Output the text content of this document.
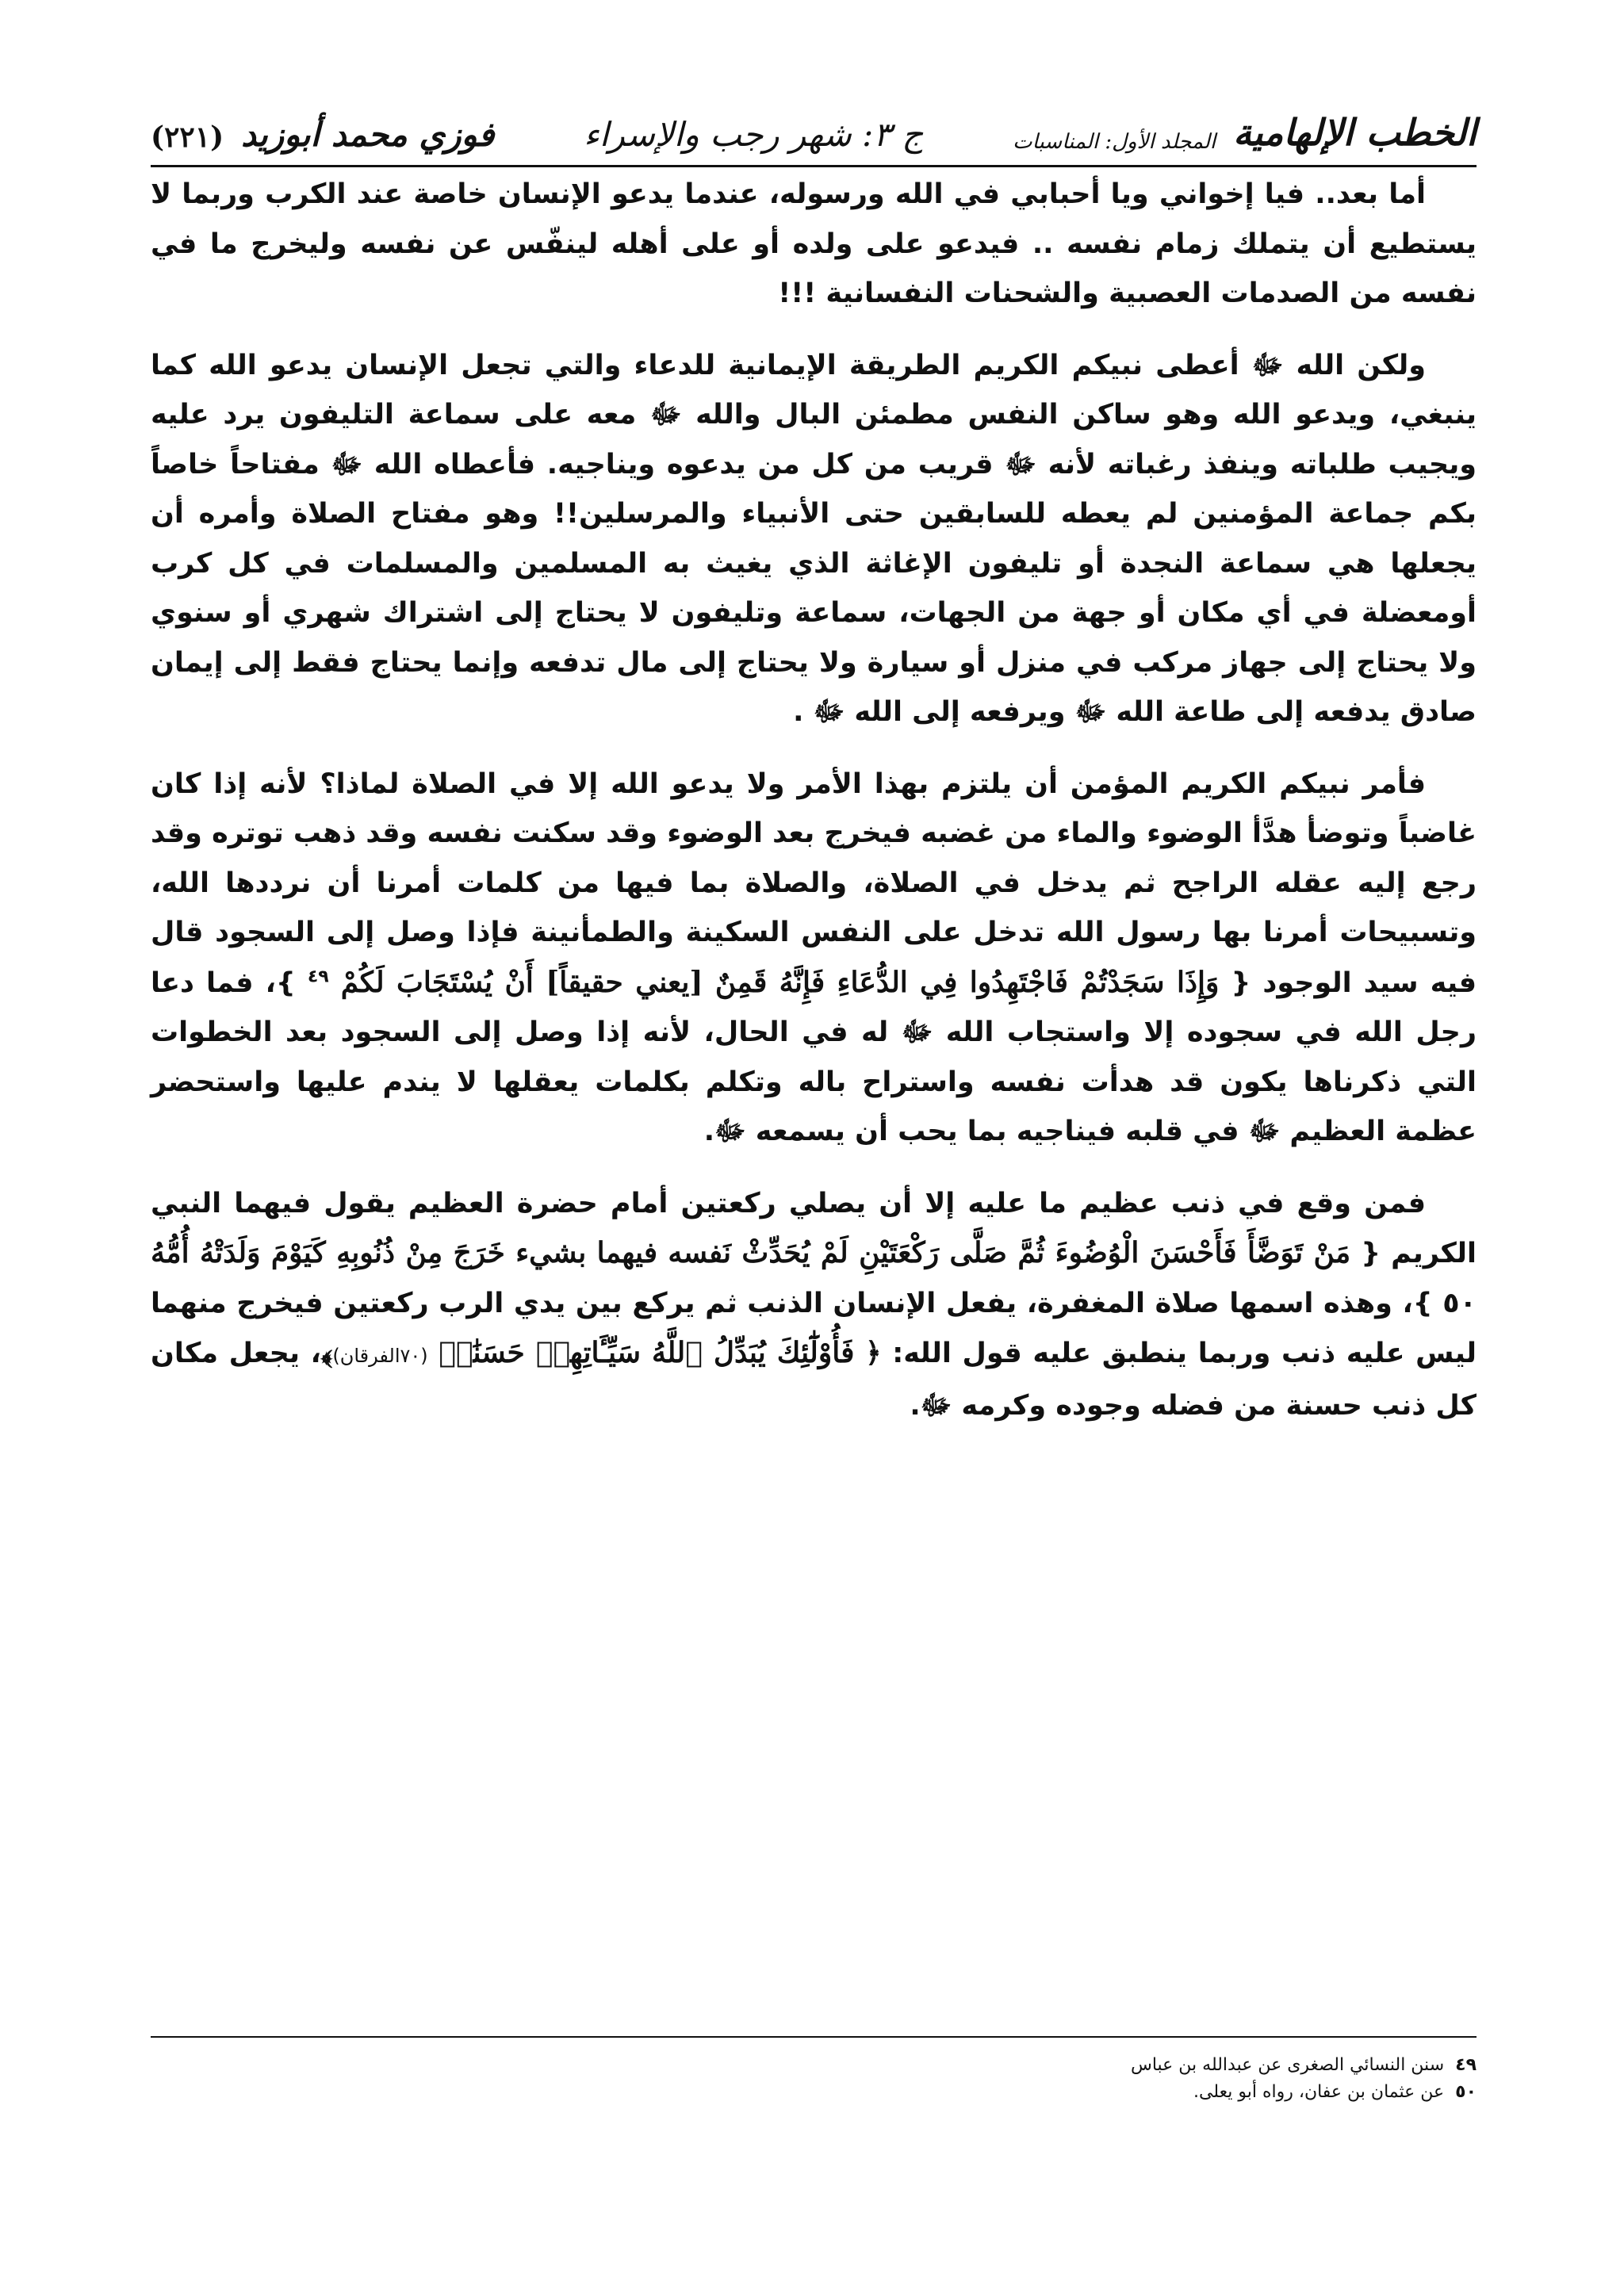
الخطب الإلهامية
المجلد الأول: المناسبات
ج ٣: شهر رجب والإسراء
فوزي محمد أبوزيد
(٢٢١)

أما بعد.. فيا إخواني ويا أحبابي في الله ورسوله، عندما يدعو الإنسان خاصة عند الكرب وربما لا يستطيع أن يتملك زمام نفسه .. فيدعو على ولده أو على أهله لينفّس عن نفسه وليخرج ما في نفسه من الصدمات العصبية والشحنات النفسانية !!!

ولكن الله ﷻ أعطى نبيكم الكريم الطريقة الإيمانية للدعاء والتي تجعل الإنسان يدعو الله كما ينبغي، ويدعو الله وهو ساكن النفس مطمئن البال والله ﷻ معه على سماعة التليفون يرد عليه ويجيب طلباته وينفذ رغباته لأنه ﷻ قريب من كل من يدعوه ويناجيه. فأعطاه الله ﷻ مفتاحاً خاصاً بكم جماعة المؤمنين لم يعطه للسابقين حتى الأنبياء والمرسلين!! وهو مفتاح الصلاة وأمره أن يجعلها هي سماعة النجدة أو تليفون الإغاثة الذي يغيث به المسلمين والمسلمات في كل كرب أومعضلة في أي مكان أو جهة من الجهات، سماعة وتليفون لا يحتاج إلى اشتراك شهري أو سنوي ولا يحتاج إلى جهاز مركب في منزل أو سيارة ولا يحتاج إلى مال تدفعه وإنما يحتاج فقط إلى إيمان صادق يدفعه إلى طاعة الله ﷻ ويرفعه إلى الله ﷻ .

فأمر نبيكم الكريم المؤمن أن يلتزم بهذا الأمر ولا يدعو الله إلا في الصلاة لماذا؟ لأنه إذا كان غاضباً وتوضأ هدَّأ الوضوء والماء من غضبه فيخرج بعد الوضوء وقد سكنت نفسه وقد ذهب توتره وقد رجع إليه عقله الراجح ثم يدخل في الصلاة، والصلاة بما فيها من كلمات أمرنا أن نرددها الله، وتسبيحات أمرنا بها رسول الله تدخل على النفس السكينة والطمأنينة فإذا وصل إلى السجود قال فيه سيد الوجود { وَإِذَا سَجَدْتُمْ فَاجْتَهِدُوا فِي الدُّعَاءِ فَإِنَّهُ قَمِنٌ [يعني حقيقاً] أَنْ يُسْتَجَابَ لَكُمْ $^{٤٩}$ }، فما دعا رجل الله في سجوده إلا واستجاب الله ﷻ له في الحال، لأنه إذا وصل إلى السجود بعد الخطوات التي ذكرناها يكون قد هدأت نفسه واستراح باله وتكلم بكلمات يعقلها لا يندم عليها واستحضر عظمة العظيم ﷻ في قلبه فيناجيه بما يحب أن يسمعه ﷻ.

فمن وقع في ذنب عظيم ما عليه إلا أن يصلي ركعتين أمام حضرة العظيم يقول فيهما النبي الكريم { مَنْ تَوَضَّأَ فَأَحْسَنَ الْوُضُوءَ ثُمَّ صَلَّى رَكْعَتَيْنِ لَمْ يُحَدِّثْ نَفسه فيهما بشيء خَرَجَ مِنْ ذُنُوبِهِ كَيَوْمَ وَلَدَتْهُ أُمُّهُ ٥٠ }، وهذه اسمها صلاة المغفرة، يفعل الإنسان الذنب ثم يركع بين يدي الرب ركعتين فيخرج منهما ليس عليه ذنب وربما ينطبق عليه قول الله: ﴿ فَأُوْلَٰٓئِكَ يُبَدِّلُ ٱللَّهُ سَيِّـَٔاتِهِمۡ حَسَنَٰتٖ (٧٠الفرقان)﴾، يجعل مكان كل ذنب حسنة من فضله وجوده وكرمه ﷻ.

٤٩
سنن النسائي الصغرى عن عبدالله بن عباس
٥٠
عن عثمان بن عفان، رواه أبو يعلى.
